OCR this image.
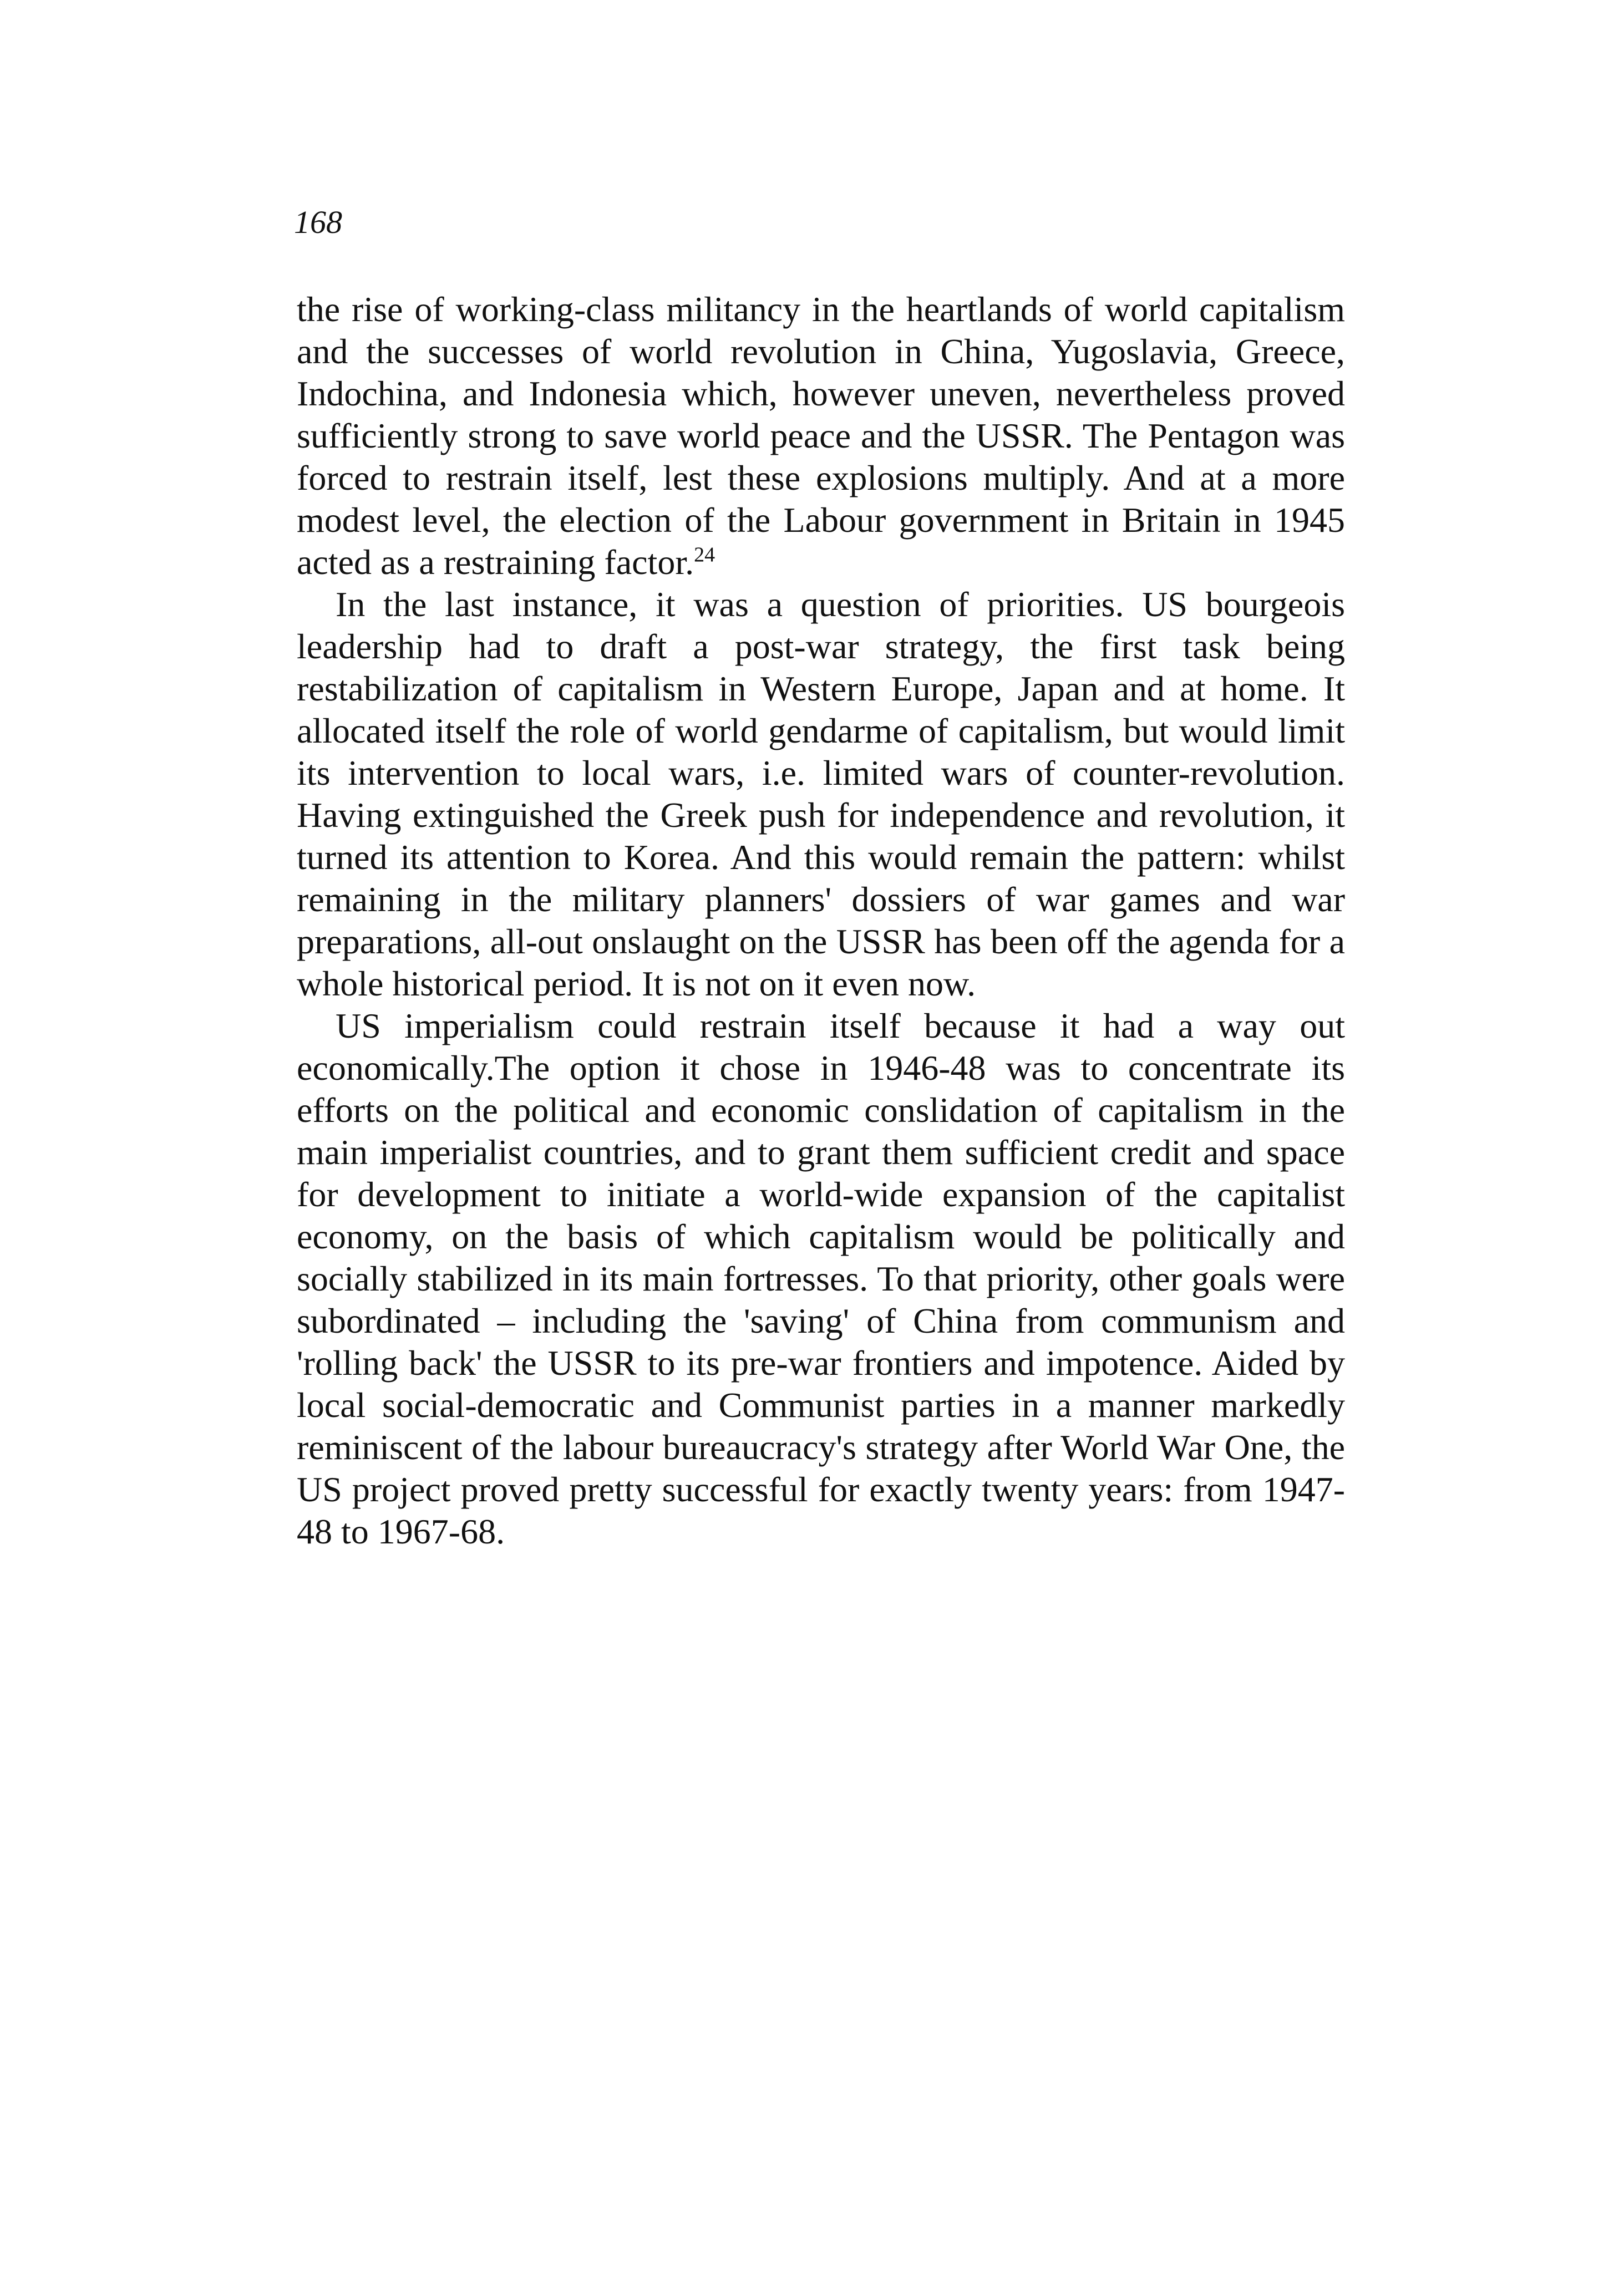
168

the rise of working-class militancy in the heartlands of world capitalism and the successes of world revolution in China, Yugoslavia, Greece, Indochina, and Indonesia which, however uneven, nevertheless proved sufficiently strong to save world peace and the USSR. The Pentagon was forced to restrain itself, lest these explosions multiply. And at a more modest level, the election of the Labour government in Britain in 1945 acted as a restraining factor.$^{24}$

In the last instance, it was a question of priorities. US bourgeois leadership had to draft a post-war strategy, the first task being restabilization of capitalism in Western Europe, Japan and at home. It allocated itself the role of world gendarme of capitalism, but would limit its intervention to local wars, i.e. limited wars of counter-revolution. Having extinguished the Greek push for independence and revolution, it turned its attention to Korea. And this would remain the pattern: whilst remaining in the military planners' dossiers of war games and war preparations, all-out onslaught on the USSR has been off the agenda for a whole historical period. It is not on it even now.

US imperialism could restrain itself because it had a way out economically.The option it chose in 1946-48 was to concentrate its efforts on the political and economic conslidation of capitalism in the main imperialist countries, and to grant them sufficient credit and space for development to initiate a world-wide expansion of the capitalist economy, on the basis of which capitalism would be politically and socially stabilized in its main fortresses. To that priority, other goals were subordinated – including the 'saving' of China from communism and 'rolling back' the USSR to its pre-war frontiers and impotence. Aided by local social-democratic and Communist parties in a manner markedly reminiscent of the labour bureaucracy's strategy after World War One, the US project proved pretty successful for exactly twenty years: from 1947-48 to 1967-68.
